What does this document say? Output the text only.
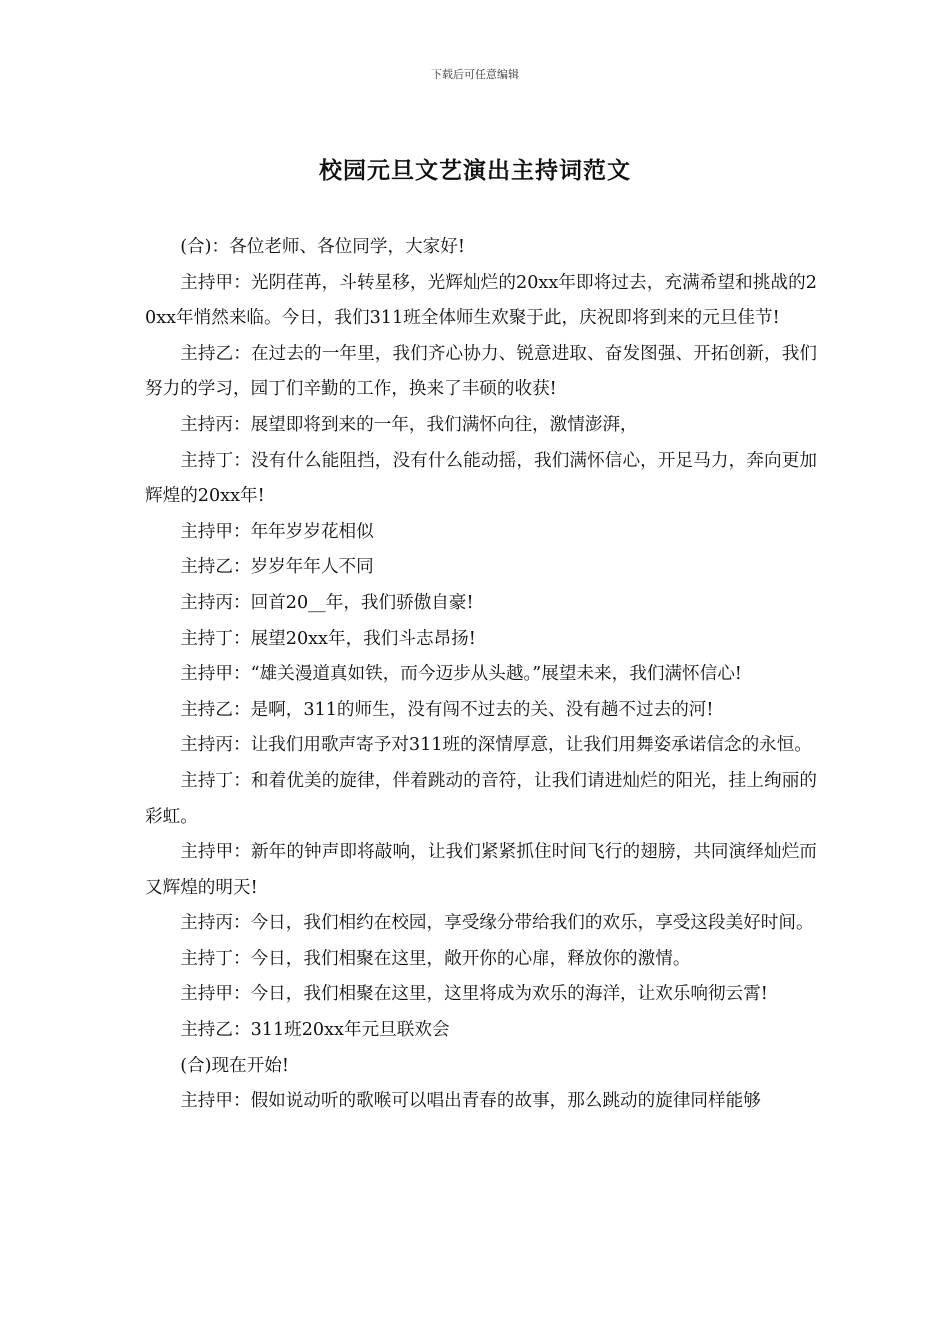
下载后可任意编辑
校园元旦文艺演出主持词范文

(合)：各位老师、各位同学，大家好!

主持甲：光阴荏苒，斗转星移，光辉灿烂的20xx年即将过去，充满希望和挑战的20xx年悄然来临。今日，我们311班全体师生欢聚于此，庆祝即将到来的元旦佳节!

主持乙：在过去的一年里，我们齐心协力、锐意进取、奋发图强、开拓创新，我们努力的学习，园丁们辛勤的工作，换来了丰硕的收获!

主持丙：展望即将到来的一年，我们满怀向往，激情澎湃，

主持丁：没有什么能阻挡，没有什么能动摇，我们满怀信心，开足马力，奔向更加辉煌的20xx年!

主持甲：年年岁岁花相似

主持乙：岁岁年年人不同

主持丙：回首20__年，我们骄傲自豪!

主持丁：展望20xx年，我们斗志昂扬!

主持甲：“雄关漫道真如铁，而今迈步从头越。”展望未来，我们满怀信心!

主持乙：是啊，311的师生，没有闯不过去的关、没有趟不过去的河!

主持丙：让我们用歌声寄予对311班的深情厚意，让我们用舞姿承诺信念的永恒。

主持丁：和着优美的旋律，伴着跳动的音符，让我们请进灿烂的阳光，挂上绚丽的彩虹。

主持甲：新年的钟声即将敲响，让我们紧紧抓住时间飞行的翅膀，共同演绎灿烂而又辉煌的明天!

主持丙：今日，我们相约在校园，享受缘分带给我们的欢乐，享受这段美好时间。

主持丁：今日，我们相聚在这里，敞开你的心扉，释放你的激情。

主持甲：今日，我们相聚在这里，这里将成为欢乐的海洋，让欢乐响彻云霄!

主持乙：311班20xx年元旦联欢会

(合)现在开始!

主持甲：假如说动听的歌喉可以唱出青春的故事，那么跳动的旋律同样能够
